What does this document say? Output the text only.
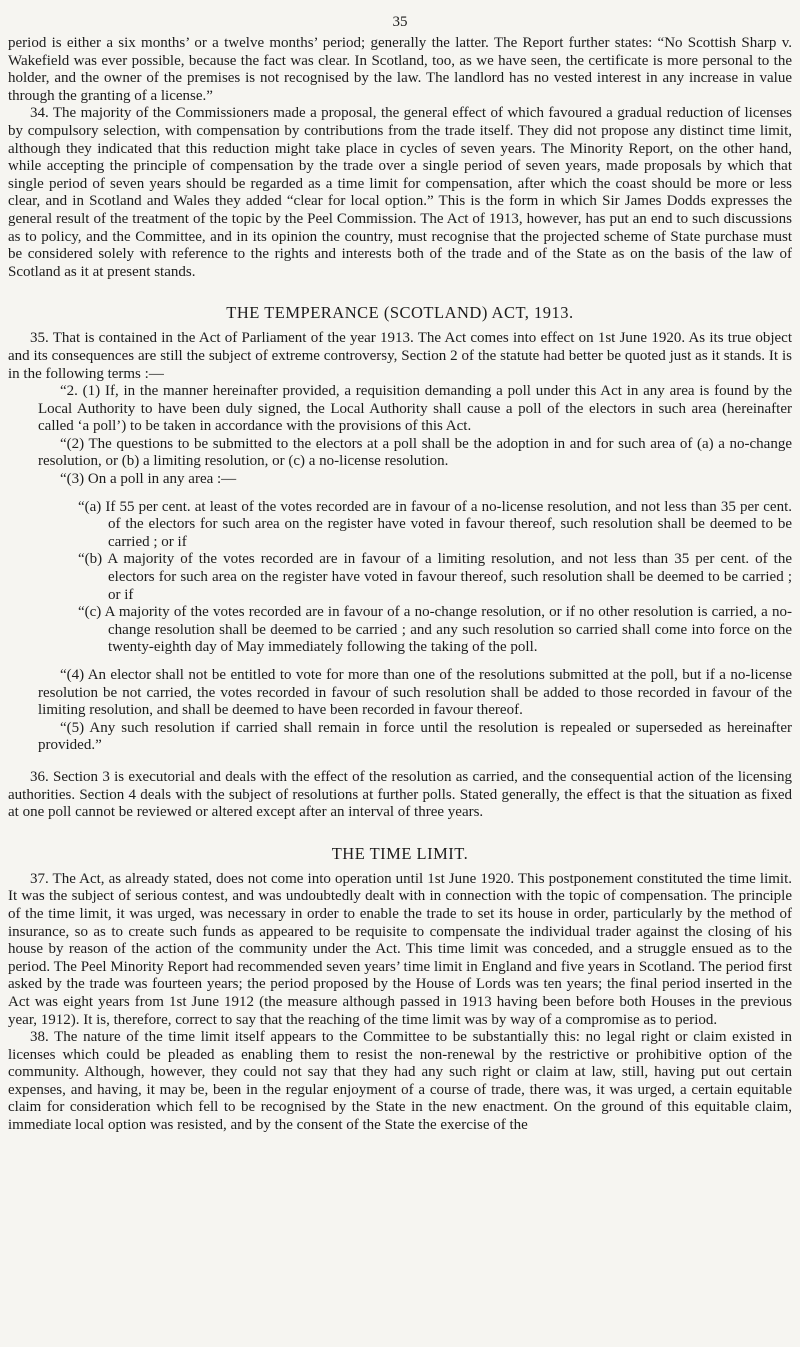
35

period is either a six months’ or a twelve months’ period; generally the latter. The Report further states: “No Scottish Sharp v. Wakefield was ever possible, because the fact was clear. In Scotland, too, as we have seen, the certificate is more personal to the holder, and the owner of the premises is not recognised by the law. The landlord has no vested interest in any increase in value through the granting of a license.”

34. The majority of the Commissioners made a proposal, the general effect of which favoured a gradual reduction of licenses by compulsory selection, with compensation by contributions from the trade itself. They did not propose any distinct time limit, although they indicated that this reduction might take place in cycles of seven years. The Minority Report, on the other hand, while accepting the principle of compensation by the trade over a single period of seven years, made proposals by which that single period of seven years should be regarded as a time limit for compensation, after which the coast should be more or less clear, and in Scotland and Wales they added “clear for local option.” This is the form in which Sir James Dodds expresses the general result of the treatment of the topic by the Peel Commission. The Act of 1913, however, has put an end to such discussions as to policy, and the Committee, and in its opinion the country, must recognise that the projected scheme of State purchase must be considered solely with reference to the rights and interests both of the trade and of the State as on the basis of the law of Scotland as it at present stands.

THE TEMPERANCE (SCOTLAND) ACT, 1913.

35. That is contained in the Act of Parliament of the year 1913. The Act comes into effect on 1st June 1920. As its true object and its consequences are still the subject of extreme controversy, Section 2 of the statute had better be quoted just as it stands. It is in the following terms :—

“2. (1) If, in the manner hereinafter provided, a requisition demanding a poll under this Act in any area is found by the Local Authority to have been duly signed, the Local Authority shall cause a poll of the electors in such area (hereinafter called ‘a poll’) to be taken in accordance with the provisions of this Act.

“(2) The questions to be submitted to the electors at a poll shall be the adoption in and for such area of (a) a no-change resolution, or (b) a limiting resolution, or (c) a no-license resolution.

“(3) On a poll in any area :—

“(a) If 55 per cent. at least of the votes recorded are in favour of a no-license resolution, and not less than 35 per cent. of the electors for such area on the register have voted in favour thereof, such resolution shall be deemed to be carried ; or if

“(b) A majority of the votes recorded are in favour of a limiting resolution, and not less than 35 per cent. of the electors for such area on the register have voted in favour thereof, such resolution shall be deemed to be carried ; or if

“(c) A majority of the votes recorded are in favour of a no-change resolution, or if no other resolution is carried, a no-change resolution shall be deemed to be carried ; and any such resolution so carried shall come into force on the twenty-eighth day of May immediately following the taking of the poll.

“(4) An elector shall not be entitled to vote for more than one of the resolutions submitted at the poll, but if a no-license resolution be not carried, the votes recorded in favour of such resolution shall be added to those recorded in favour of the limiting resolution, and shall be deemed to have been recorded in favour thereof.

“(5) Any such resolution if carried shall remain in force until the resolution is repealed or superseded as hereinafter provided.”

36. Section 3 is executorial and deals with the effect of the resolution as carried, and the consequential action of the licensing authorities. Section 4 deals with the subject of resolutions at further polls. Stated generally, the effect is that the situation as fixed at one poll cannot be reviewed or altered except after an interval of three years.

THE TIME LIMIT.

37. The Act, as already stated, does not come into operation until 1st June 1920. This postponement constituted the time limit. It was the subject of serious contest, and was undoubtedly dealt with in connection with the topic of compensation. The principle of the time limit, it was urged, was necessary in order to enable the trade to set its house in order, particularly by the method of insurance, so as to create such funds as appeared to be requisite to compensate the individual trader against the closing of his house by reason of the action of the community under the Act. This time limit was conceded, and a struggle ensued as to the period. The Peel Minority Report had recommended seven years’ time limit in England and five years in Scotland. The period first asked by the trade was fourteen years; the period proposed by the House of Lords was ten years; the final period inserted in the Act was eight years from 1st June 1912 (the measure although passed in 1913 having been before both Houses in the previous year, 1912). It is, therefore, correct to say that the reaching of the time limit was by way of a compromise as to period.

38. The nature of the time limit itself appears to the Committee to be substantially this: no legal right or claim existed in licenses which could be pleaded as enabling them to resist the non-renewal by the restrictive or prohibitive option of the community. Although, however, they could not say that they had any such right or claim at law, still, having put out certain expenses, and having, it may be, been in the regular enjoyment of a course of trade, there was, it was urged, a certain equitable claim for consideration which fell to be recognised by the State in the new enactment. On the ground of this equitable claim, immediate local option was resisted, and by the consent of the State the exercise of the
